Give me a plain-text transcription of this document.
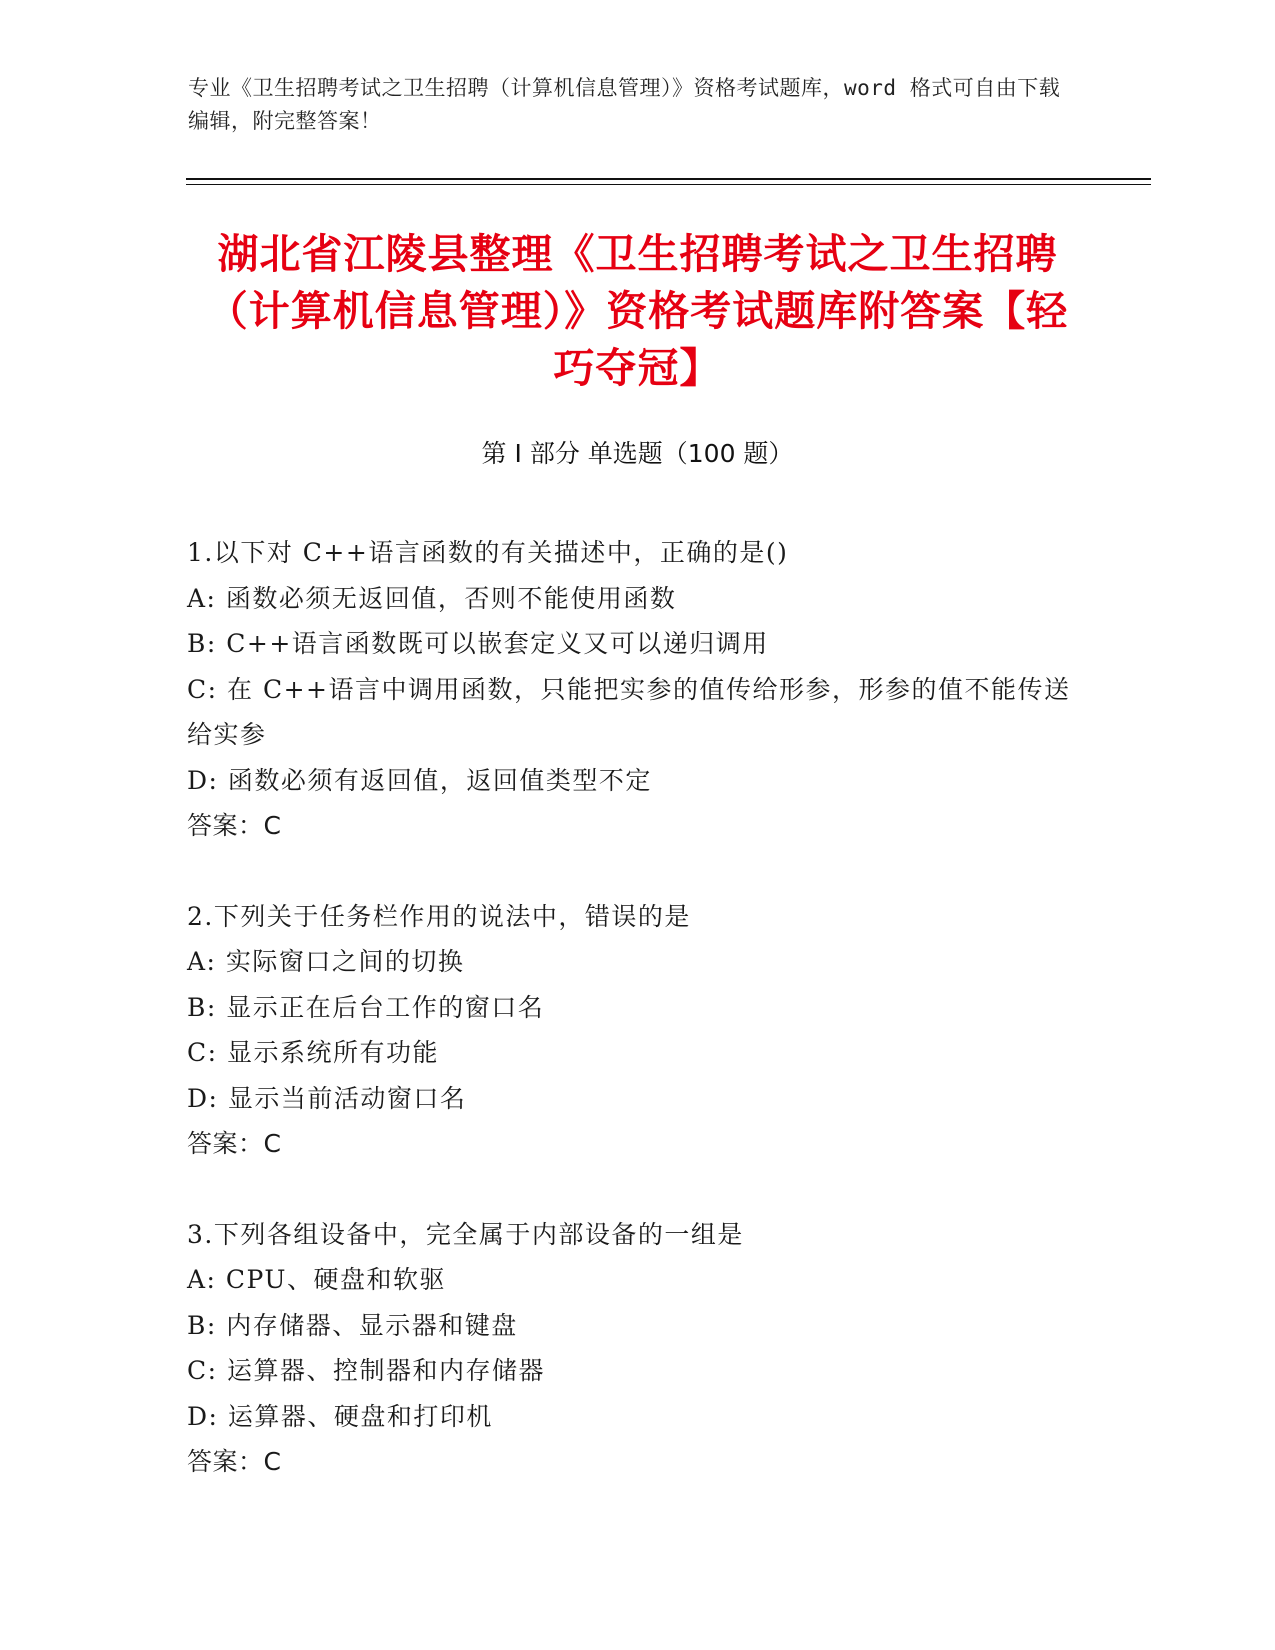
专业《卫生招聘考试之卫生招聘（计算机信息管理）》资格考试题库，word 格式可自由下载编辑，附完整答案！
湖北省江陵县整理《卫生招聘考试之卫生招聘（计算机信息管理）》资格考试题库附答案【轻巧夺冠】
第 I 部分 单选题（100 题）
1.以下对 C++语言函数的有关描述中，正确的是()
A: 函数必须无返回值，否则不能使用函数
B: C++语言函数既可以嵌套定义又可以递归调用
C: 在 C++语言中调用函数，只能把实参的值传给形参，形参的值不能传送给实参
D: 函数必须有返回值，返回值类型不定
答案：C
2.下列关于任务栏作用的说法中，错误的是
A: 实际窗口之间的切换
B: 显示正在后台工作的窗口名
C: 显示系统所有功能
D: 显示当前活动窗口名
答案：C
3.下列各组设备中，完全属于内部设备的一组是
A: CPU、硬盘和软驱
B: 内存储器、显示器和键盘
C: 运算器、控制器和内存储器
D: 运算器、硬盘和打印机
答案：C
